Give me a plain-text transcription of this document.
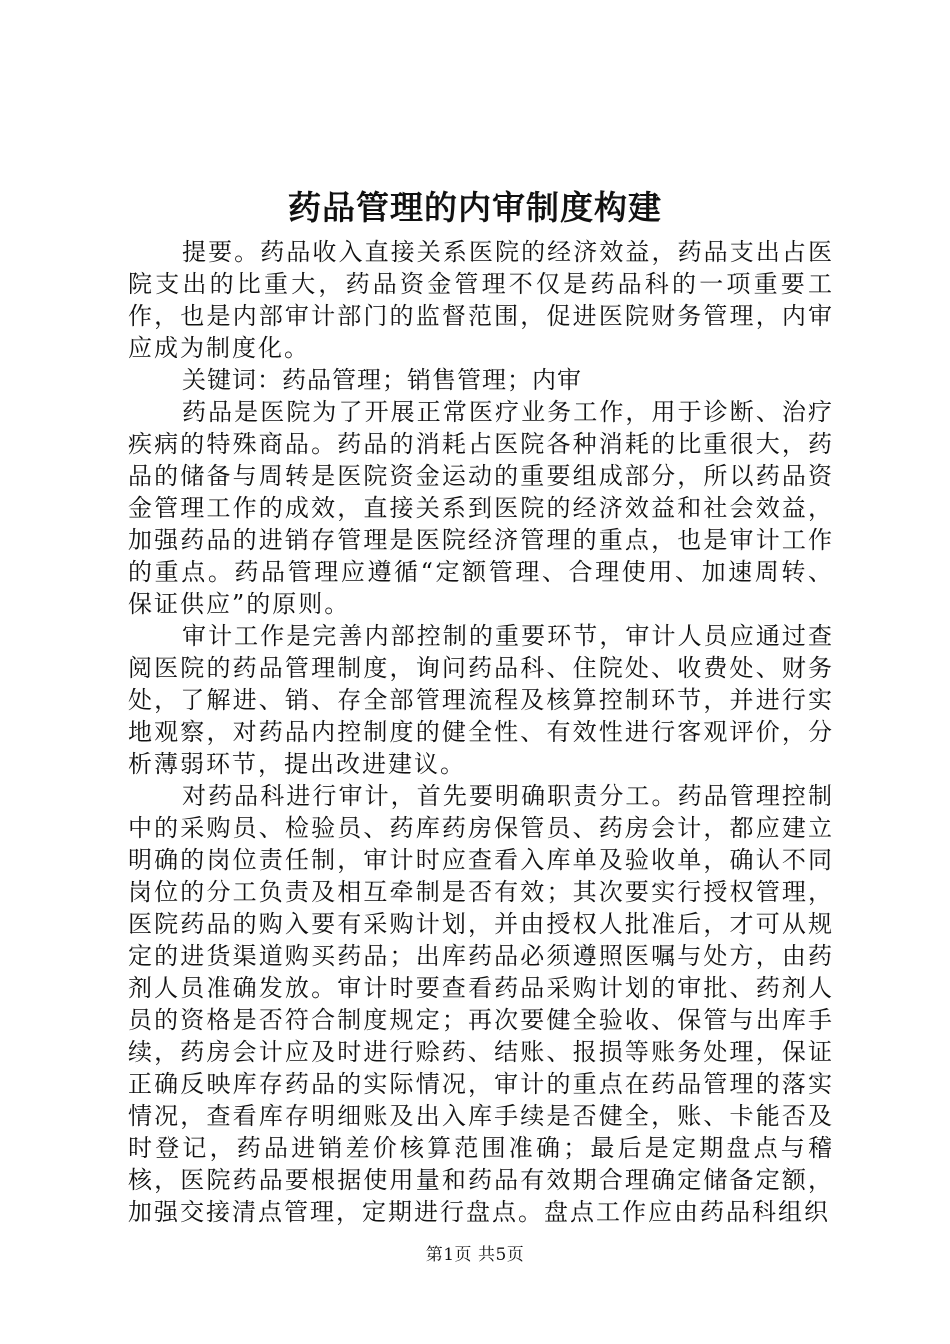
药品管理的内审制度构建

提要。药品收入直接关系医院的经济效益，药品支出占医院支出的比重大，药品资金管理不仅是药品科的一项重要工作，也是内部审计部门的监督范围，促进医院财务管理，内审应成为制度化。

关键词：药品管理；销售管理；内审

药品是医院为了开展正常医疗业务工作，用于诊断、治疗疾病的特殊商品。药品的消耗占医院各种消耗的比重很大，药品的储备与周转是医院资金运动的重要组成部分，所以药品资金管理工作的成效，直接关系到医院的经济效益和社会效益，加强药品的进销存管理是医院经济管理的重点，也是审计工作的重点。药品管理应遵循“定额管理、合理使用、加速周转、保证供应”的原则。

审计工作是完善内部控制的重要环节，审计人员应通过查阅医院的药品管理制度，询问药品科、住院处、收费处、财务处，了解进、销、存全部管理流程及核算控制环节，并进行实地观察，对药品内控制度的健全性、有效性进行客观评价，分析薄弱环节，提出改进建议。

对药品科进行审计，首先要明确职责分工。药品管理控制中的采购员、检验员、药库药房保管员、药房会计，都应建立明确的岗位责任制，审计时应查看入库单及验收单，确认不同岗位的分工负责及相互牵制是否有效；其次要实行授权管理，医院药品的购入要有采购计划，并由授权人批准后，才可从规定的进货渠道购买药品；出库药品必须遵照医嘱与处方，由药剂人员准确发放。审计时要查看药品采购计划的审批、药剂人员的资格是否符合制度规定；再次要健全验收、保管与出库手续，药房会计应及时进行赊药、结账、报损等账务处理，保证正确反映库存药品的实际情况，审计的重点在药品管理的落实情况，查看库存明细账及出入库手续是否健全，账、卡能否及时登记，药品进销差价核算范围准确；最后是定期盘点与稽核，医院药品要根据使用量和药品有效期合理确定储备定额，加强交接清点管理，定期进行盘点。盘点工作应由药品科组织

第1页 共5页
